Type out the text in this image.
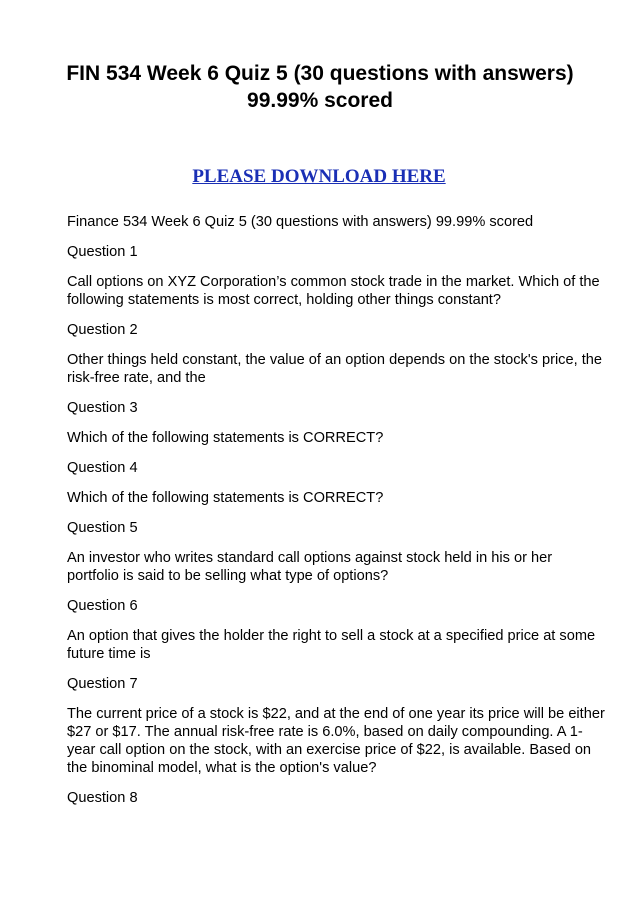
FIN 534 Week 6 Quiz 5 (30 questions with answers) 99.99% scored

PLEASE DOWNLOAD HERE

Finance 534 Week 6 Quiz 5 (30 questions with answers) 99.99% scored

Question 1

Call options on XYZ Corporation’s common stock trade in the market. Which of the following statements is most correct, holding other things constant?

Question 2

Other things held constant, the value of an option depends on the stock's price, the risk-free rate, and the

Question 3

Which of the following statements is CORRECT?

Question 4

Which of the following statements is CORRECT?

Question 5

An investor who writes standard call options against stock held in his or her portfolio is said to be selling what type of options?

Question 6

An option that gives the holder the right to sell a stock at a specified price at some future time is

Question 7

The current price of a stock is $22, and at the end of one year its price will be either $27 or $17. The annual risk-free rate is 6.0%, based on daily compounding. A 1-year call option on the stock, with an exercise price of $22, is available. Based on the binominal model, what is the option's value?

Question 8
